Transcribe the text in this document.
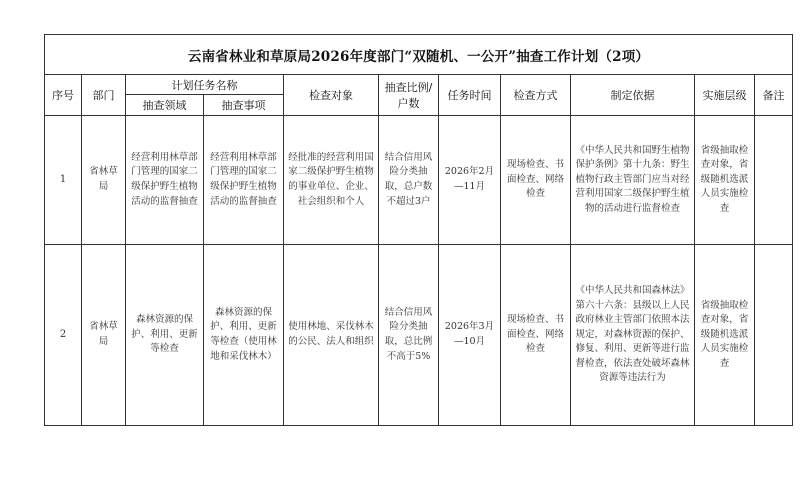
云南省林业和草原局2026年度部门“双随机、一公开”抽查工作计划（2项）										
序号	部门	计划任务名称		检查对象	抽查比例/户数	任务时间	检查方式	制定依据	实施层级	备注
		抽查领域	抽查事项							
1	省林草局	经营利用林草部门管理的国家二级保护野生植物活动的监督抽查	经营利用林草部门管理的国家二级保护野生植物活动的监督抽查	经批准的经营利用国家二级保护野生植物的事业单位、企业、社会组织和个人	结合信用风险分类抽取，总户数不超过3户	2026年2月—11月	现场检查、书面检查、网络检查	《中华人民共和国野生植物保护条例》第十九条：野生植物行政主管部门应当对经营利用国家二级保护野生植物的活动进行监督检查	省级抽取检查对象，省级随机选派人员实施检查	
2	省林草局	森林资源的保护、利用、更新等检查	森林资源的保护、利用、更新等检查（使用林地和采伐林木）	使用林地、采伐林木的公民、法人和组织	结合信用风险分类抽取，总比例不高于5%	2026年3月—10月	现场检查、书面检查、网络检查	《中华人民共和国森林法》第六十六条：县级以上人民政府林业主管部门依照本法规定，对森林资源的保护、修复、利用、更新等进行监督检查，依法查处破坏森林资源等违法行为	省级抽取检查对象，省级随机选派人员实施检查	
